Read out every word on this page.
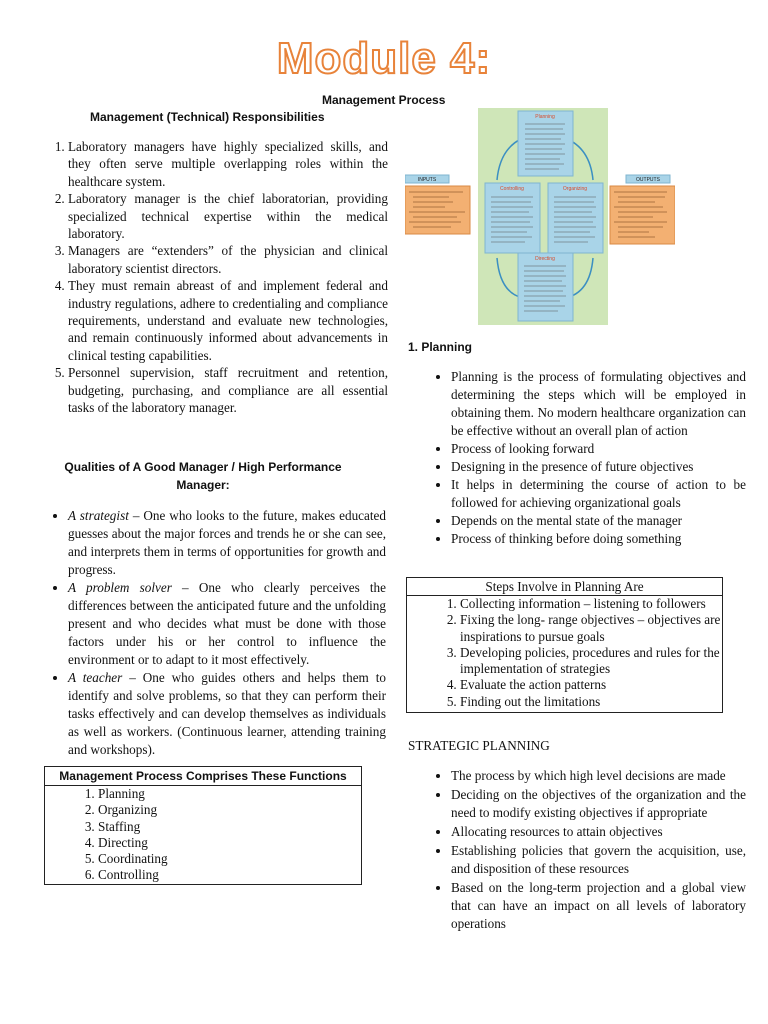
Module 4:
Management Process
Management (Technical) Responsibilities
1. Laboratory managers have highly specialized skills, and they often serve multiple overlapping roles within the healthcare system.
2. Laboratory manager is the chief laboratorian, providing specialized technical expertise within the medical laboratory.
3. Managers are “extenders” of the physician and clinical laboratory scientist directors.
4. They must remain abreast of and implement federal and industry regulations, adhere to credentialing and compliance requirements, understand and evaluate new technologies, and remain continuously informed about advancements in clinical testing capabilities.
5. Personnel supervision, staff recruitment and retention, budgeting, purchasing, and compliance are all essential tasks of the laboratory manager.
Qualities of A Good Manager / High Performance Manager:
• A strategist – One who looks to the future, makes educated guesses about the major forces and trends he or she can see, and interprets them in terms of opportunities for growth and progress.
• A problem solver – One who clearly perceives the differences between the anticipated future and the unfolding present and who decides what must be done with those factors under his or her control to influence the environment or to adapt to it most effectively.
• A teacher – One who guides others and helps them to identify and solve problems, so that they can perform their tasks effectively and can develop themselves as individuals as well as workers. (Continuous learner, attending training and workshops).
Management Process Comprises These Functions
1. Planning
2. Organizing
3. Staffing
4. Directing
5. Coordinating
6. Controlling
Planning
Controlling	Organizing
Directing
INPUTS	OUTPUTS
1. Planning
• Planning is the process of formulating objectives and determining the steps which will be employed in obtaining them. No modern healthcare organization can be effective without an overall plan of action
• Process of looking forward
• Designing in the presence of future objectives
• It helps in determining the course of action to be followed for achieving organizational goals
• Depends on the mental state of the manager
• Process of thinking before doing something
Steps Involve in Planning Are
1. Collecting information – listening to followers
2. Fixing the long- range objectives – objectives are inspirations to pursue goals
3. Developing policies, procedures and rules for the implementation of strategies
4. Evaluate the action patterns
5. Finding out the limitations
STRATEGIC PLANNING
• The process by which high level decisions are made
• Deciding on the objectives of the organization and the need to modify existing objectives if appropriate
• Allocating resources to attain objectives
• Establishing policies that govern the acquisition, use, and disposition of these resources
• Based on the long-term projection and a global view that can have an impact on all levels of laboratory operations
